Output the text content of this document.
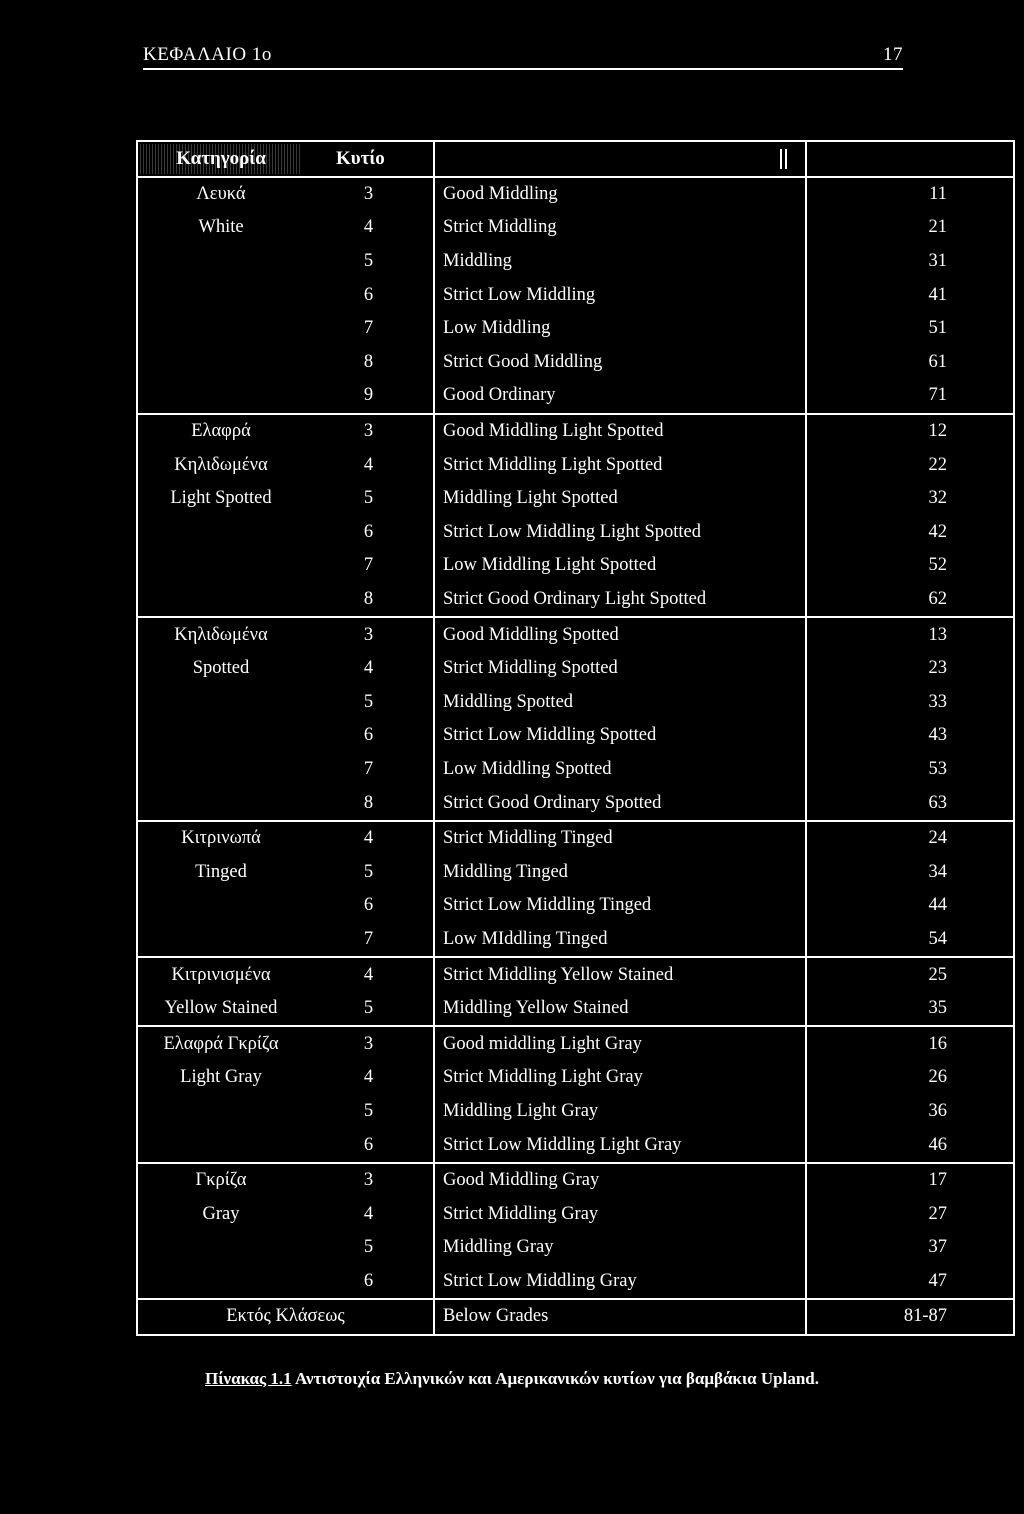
ΚΕΦΑΛΑΙΟ 1ο	17
Κατηγορία	Κυτίο	

Λευκά	3	Good Middling	11
White	4	Strict Middling	21
	5	Middling	31
	6	Strict Low Middling	41
	7	Low Middling	51
	8	Strict Good Middling	61
	9	Good Ordinary	71
Ελαφρά	3	Good Middling Light Spotted	12
Κηλιδωμένα	4	Strict Middling Light Spotted	22
Light Spotted	5	Middling Light Spotted	32
	6	Strict Low Middling Light Spotted	42
	7	Low Middling Light Spotted	52
	8	Strict Good Ordinary Light Spotted	62
Κηλιδωμένα	3	Good Middling Spotted	13
Spotted	4	Strict Middling Spotted	23
	5	Middling Spotted	33
	6	Strict Low Middling Spotted	43
	7	Low Middling Spotted	53
	8	Strict Good Ordinary Spotted	63
Κιτρινωπά	4	Strict Middling Tinged	24
Tinged	5	Middling Tinged	34
	6	Strict Low Middling Tinged	44
	7	Low MIddling Tinged	54
Κιτρινισμένα	4	Strict Middling Yellow Stained	25
Yellow Stained	5	Middling Yellow Stained	35
Ελαφρά Γκρίζα	3	Good middling Light Gray	16
Light Gray	4	Strict Middling Light Gray	26
	5	Middling Light Gray	36
	6	Strict Low Middling Light Gray	46
Γκρίζα	3	Good Middling Gray	17
Gray	4	Strict Middling Gray	27
	5	Middling Gray	37
	6	Strict Low Middling Gray	47
Εκτός Κλάσεως		Below Grades	81-87
Πίνακας 1.1 Αντιστοιχία Ελληνικών και Αμερικανικών κυτίων για βαμβάκια Upland.
